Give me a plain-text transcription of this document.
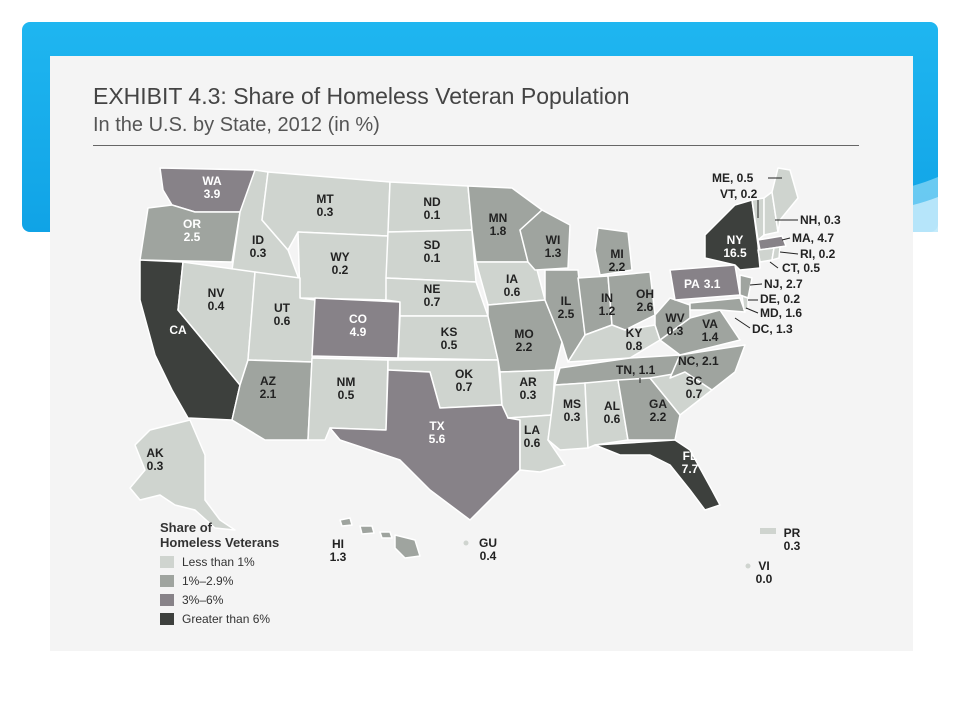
EXHIBIT 4.3: Share of Homeless Veteran Population
In the U.S. by State, 2012 (in %)
WA 3.9
OR 2.5
CA
ID 0.3
NV 0.4
MT 0.3
WY 0.2
UT 0.6
AZ 2.1
CO 4.9
NM 0.5
ND 0.1
SD 0.1
NE 0.7
KS 0.5
OK 0.7
TX 5.6
MN 1.8
IA 0.6
MO 2.2
AR 0.3
LA 0.6
WI 1.3
IL 2.5
MI 2.2
IN 1.2
OH 2.6
KY 0.8
MS 0.3
AL 0.6
GA 2.2
FL 7.7
SC 0.7
VA 1.4
WV 0.3
PA 3.1
NY 16.5
AK 0.3
HI 1.3
GU 0.4
PR 0.3
VI 0.0
ME, 0.5
VT, 0.2
NH, 0.3
MA, 4.7
RI, 0.2
CT, 0.5
NJ, 2.7
DE, 0.2
MD, 1.6
DC, 1.3
NC, 2.1
TN, 1.1
Share of
Homeless Veterans
Less than 1%
1%–2.9%
3%–6%
Greater than 6%
